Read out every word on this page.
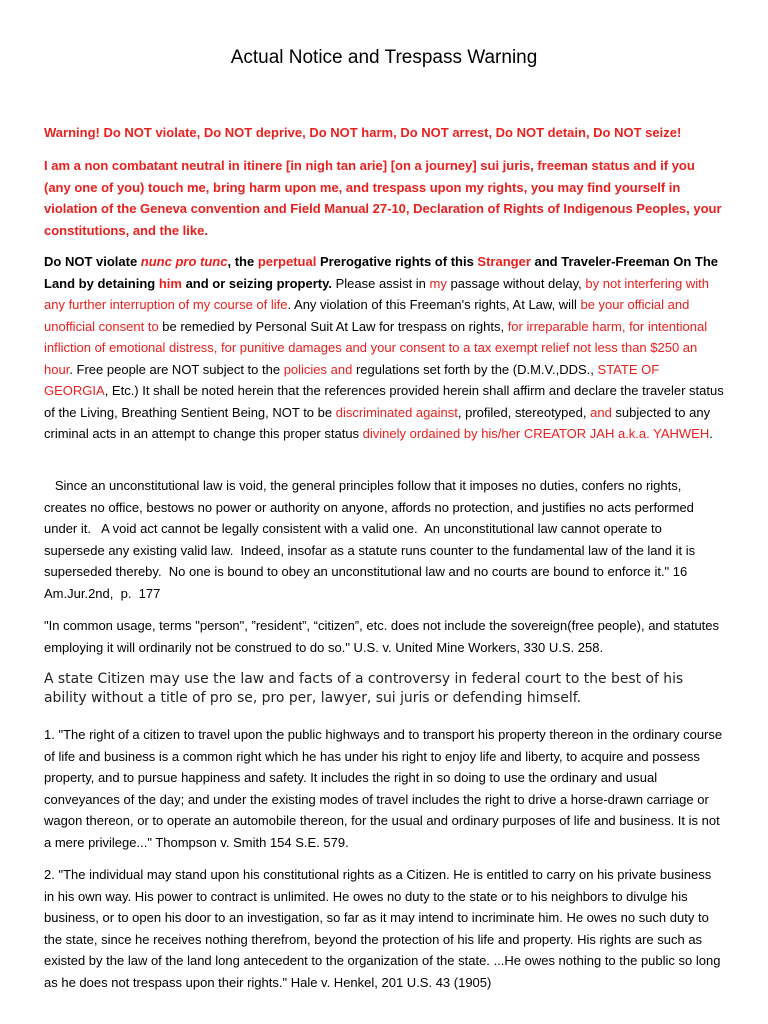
Actual Notice and Trespass Warning
Warning! Do NOT violate, Do NOT deprive, Do NOT harm, Do NOT arrest, Do NOT detain, Do NOT seize!
I am a non combatant neutral in itinere [in nigh tan arie] [on a journey] sui juris, freeman status and if you (any one of you) touch me, bring harm upon me, and trespass upon my rights, you may find yourself in violation of the Geneva convention and Field Manual 27-10, Declaration of Rights of Indigenous Peoples, your constitutions, and the like.
Do NOT violate nunc pro tunc, the perpetual Prerogative rights of this Stranger and Traveler-Freeman On The Land by detaining him and or seizing property. Please assist in my passage without delay, by not interfering with any further interruption of my course of life. Any violation of this Freeman's rights, At Law, will be your official and unofficial consent to be remedied by Personal Suit At Law for trespass on rights, for irreparable harm, for intentional infliction of emotional distress, for punitive damages and your consent to a tax exempt relief not less than $250 an hour. Free people are NOT subject to the policies and regulations set forth by the (D.M.V.,DDS., STATE OF GEORGIA, Etc.) It shall be noted herein that the references provided herein shall affirm and declare the traveler status of the Living, Breathing Sentient Being, NOT to be discriminated against, profiled, stereotyped, and subjected to any criminal acts in an attempt to change this proper status divinely ordained by his/her CREATOR JAH a.k.a. YAHWEH.
Since an unconstitutional law is void, the general principles follow that it imposes no duties, confers no rights, creates no office, bestows no power or authority on anyone, affords no protection, and justifies no acts performed under it.   A void act cannot be legally consistent with a valid one.  An unconstitutional law cannot operate to supersede any existing valid law.  Indeed, insofar as a statute runs counter to the fundamental law of the land it is superseded thereby.  No one is bound to obey an unconstitutional law and no courts are bound to enforce it." 16  Am.Jur.2nd,  p.  177
"In common usage, terms "person", ”resident”, “citizen”, etc. does not include the sovereign(free people), and statutes employing it will ordinarily not be construed to do so." U.S. v. United Mine Workers, 330 U.S. 258.
A state Citizen may use the law and facts of a controversy in federal court to the best of his ability without a title of pro se, pro per, lawyer, sui juris or defending himself.
1. "The right of a citizen to travel upon the public highways and to transport his property thereon in the ordinary course of life and business is a common right which he has under his right to enjoy life and liberty, to acquire and possess property, and to pursue happiness and safety. It includes the right in so doing to use the ordinary and usual conveyances of the day; and under the existing modes of travel includes the right to drive a horse-drawn carriage or wagon thereon, or to operate an automobile thereon, for the usual and ordinary purposes of life and business. It is not a mere privilege..." Thompson v. Smith 154 S.E. 579.
2. "The individual may stand upon his constitutional rights as a Citizen. He is entitled to carry on his private business in his own way. His power to contract is unlimited. He owes no duty to the state or to his neighbors to divulge his business, or to open his door to an investigation, so far as it may intend to incriminate him. He owes no such duty to the state, since he receives nothing therefrom, beyond the protection of his life and property. His rights are such as existed by the law of the land long antecedent to the organization of the state. ...He owes nothing to the public so long as he does not trespass upon their rights." Hale v. Henkel, 201 U.S. 43 (1905)
